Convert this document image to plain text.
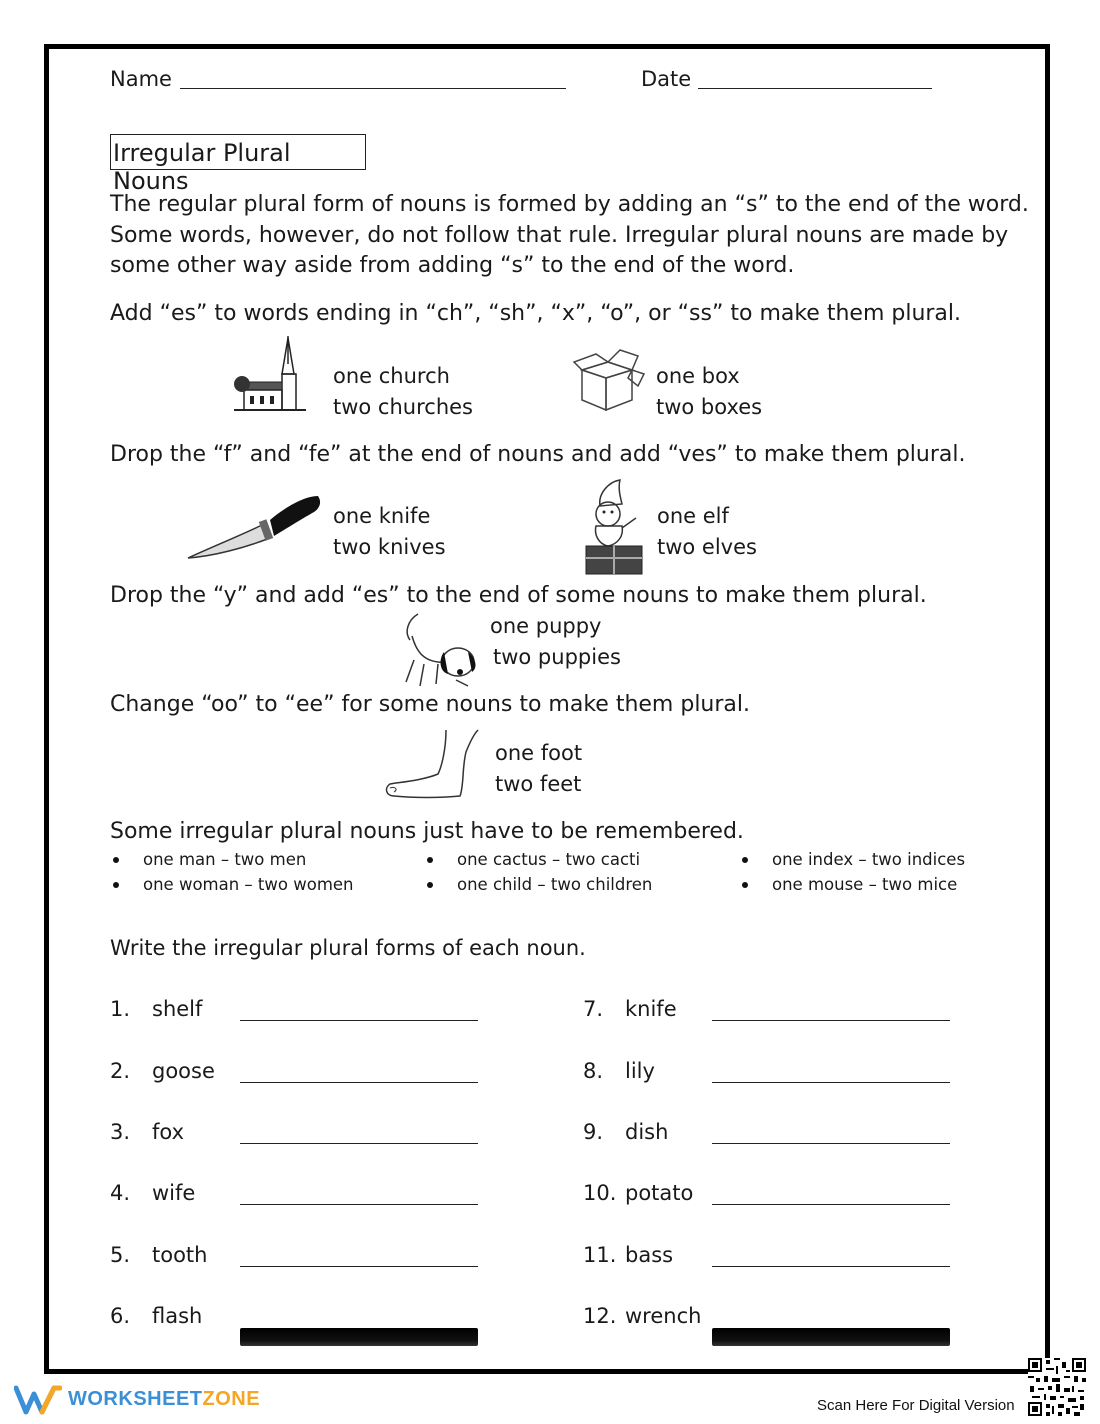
Name	Date
Irregular Plural Nouns
The regular plural form of nouns is formed by adding an “s” to the end of the word.
Some words, however, do not follow that rule. Irregular plural nouns are made by
some other way aside from adding “s” to the end of the word.
Add “es” to words ending in “ch”, “sh”, “x”, “o”, or “ss” to make them plural.
one church
two churches
one box
two boxes
Drop the “f” and “fe” at the end of nouns and add “ves” to make them plural.
one knife
two knives
one elf
two elves
Drop the “y” and add “es” to the end of some nouns to make them plural.
one puppy
two puppies
Change “oo” to “ee” for some nouns to make them plural.
one foot
two feet
Some irregular plural nouns just have to be remembered.
one man – two men	one cactus – two cacti	one index – two indices
one woman – two women	one child – two children	one mouse – two mice
Write the irregular plural forms of each noun.
1. shelf
2. goose
3. fox
4. wife
5. tooth
6. flash
7. knife
8. lily
9. dish
10. potato
11. bass
12. wrench
WORKSHEETZONE	Scan Here For Digital Version
